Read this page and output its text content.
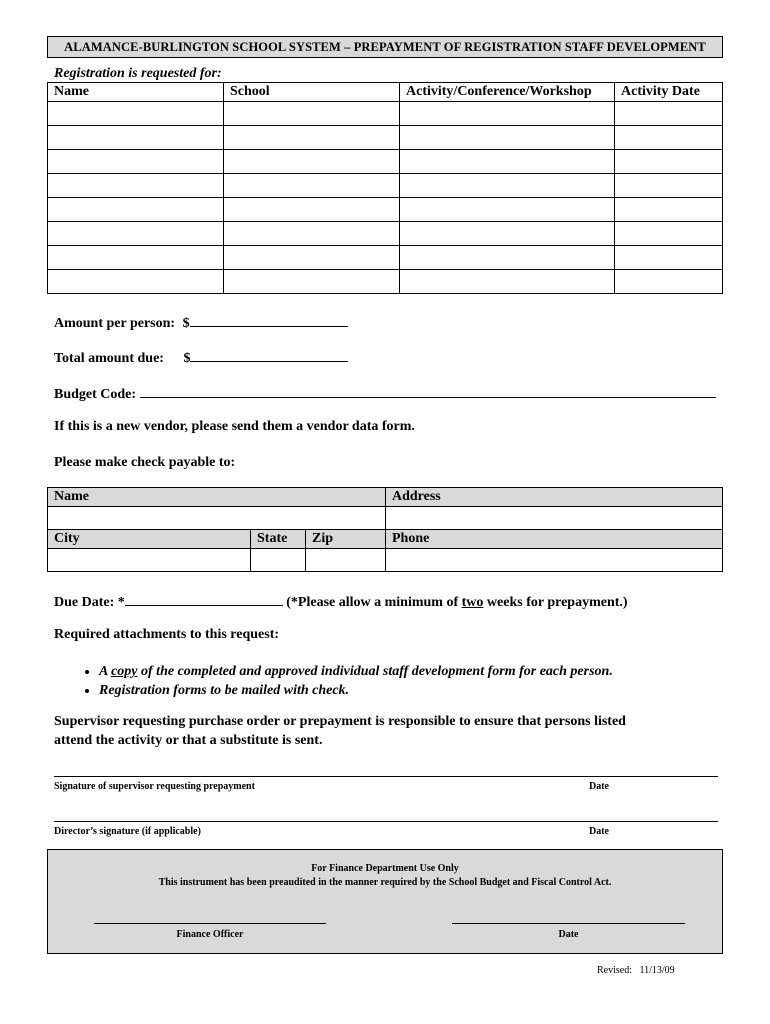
ALAMANCE-BURLINGTON SCHOOL SYSTEM – PREPAYMENT OF REGISTRATION STAFF DEVELOPMENT
Registration is requested for:
Name	School	Activity/Conference/Workshop	Activity Date

Amount per person: $
Total amount due: $
Budget Code:
If this is a new vendor, please send them a vendor data form.
Please make check payable to:
Name			Address

City	State	Zip	Phone

Due Date: *	(*Please allow a minimum of two weeks for prepayment.)
Required attachments to this request:
• A copy of the completed and approved individual staff development form for each person.
• Registration forms to be mailed with check.
Supervisor requesting purchase order or prepayment is responsible to ensure that persons listed
attend the activity or that a substitute is sent.
Signature of supervisor requesting prepayment	Date
Director’s signature (if applicable)	Date
For Finance Department Use Only
This instrument has been preaudited in the manner required by the School Budget and Fiscal Control Act.
Finance Officer	Date
Revised:   11/13/09
